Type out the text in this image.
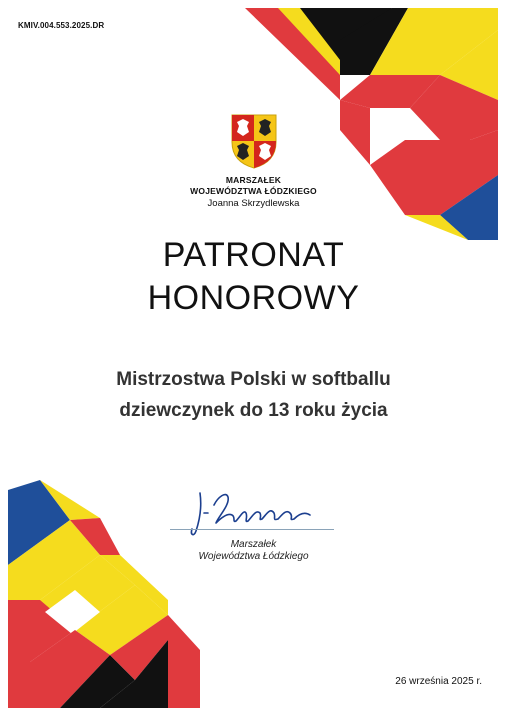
KMIV.004.553.2025.DR
MARSZAŁEK
WOJEWÓDZTWA ŁÓDZKIEGO
Joanna Skrzydlewska
PATRONAT
HONOROWY
Mistrzostwa Polski w softballu
dziewczynek do 13 roku życia
Marszałek
Województwa Łódzkiego
26 września 2025 r.
